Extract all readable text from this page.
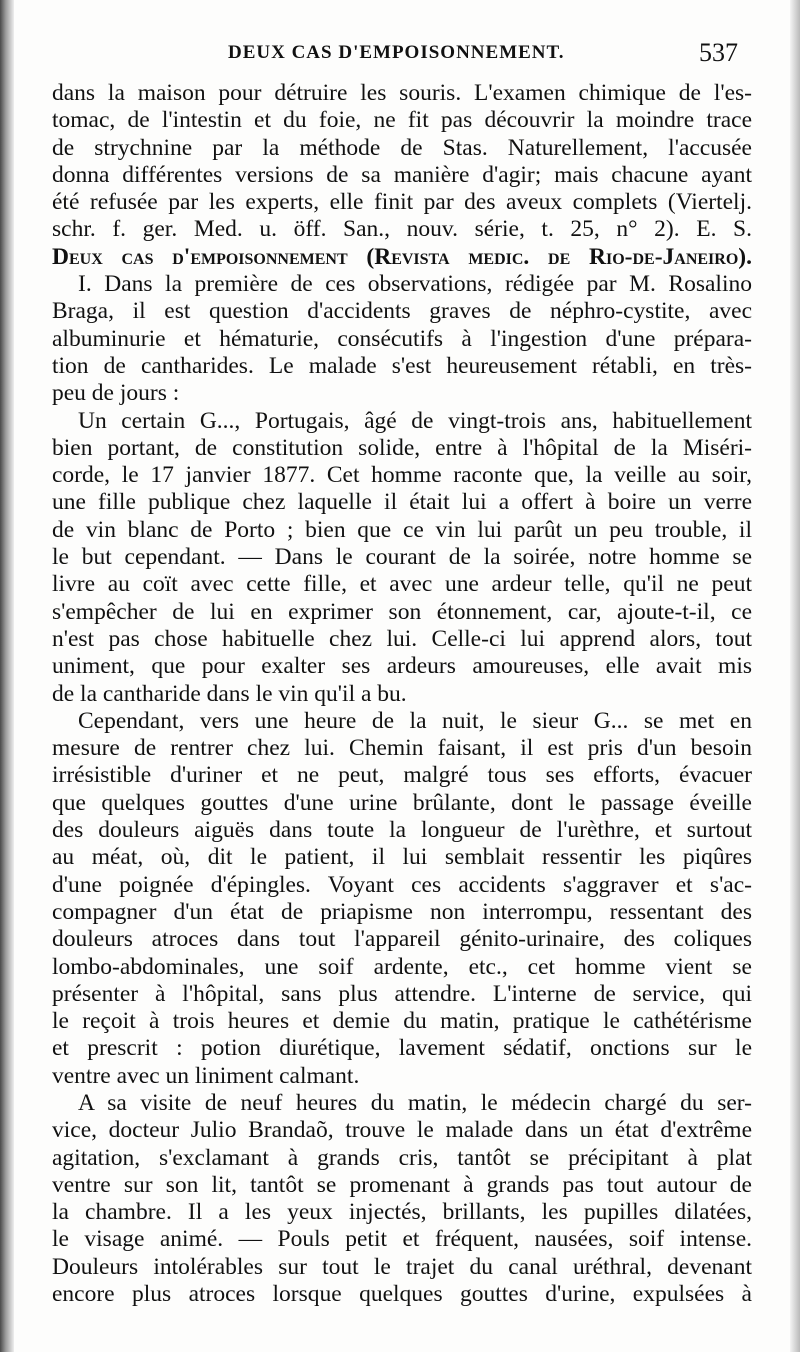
DEUX CAS D'EMPOISONNEMENT.	537
dans la maison pour détruire les souris. L'examen chimique de l'es-
tomac, de l'intestin et du foie, ne fit pas découvrir la moindre trace
de strychnine par la méthode de Stas. Naturellement, l'accusée
donna différentes versions de sa manière d'agir; mais chacune ayant
été refusée par les experts, elle finit par des aveux complets (Viertelj.
schr. f. ger. Med. u. öff. San., nouv. série, t. 25, n° 2). E. S.
Deux cas d'empoisonnement (Revista medic. de Rio-de-Janeiro).
I. Dans la première de ces observations, rédigée par M. Rosalino
Braga, il est question d'accidents graves de néphro-cystite, avec
albuminurie et hématurie, consécutifs à l'ingestion d'une prépara-
tion de cantharides. Le malade s'est heureusement rétabli, en très-
peu de jours :
Un certain G..., Portugais, âgé de vingt-trois ans, habituellement
bien portant, de constitution solide, entre à l'hôpital de la Miséri-
corde, le 17 janvier 1877. Cet homme raconte que, la veille au soir,
une fille publique chez laquelle il était lui a offert à boire un verre
de vin blanc de Porto ; bien que ce vin lui parût un peu trouble, il
le but cependant. — Dans le courant de la soirée, notre homme se
livre au coït avec cette fille, et avec une ardeur telle, qu'il ne peut
s'empêcher de lui en exprimer son étonnement, car, ajoute-t-il, ce
n'est pas chose habituelle chez lui. Celle-ci lui apprend alors, tout
uniment, que pour exalter ses ardeurs amoureuses, elle avait mis
de la cantharide dans le vin qu'il a bu.
Cependant, vers une heure de la nuit, le sieur G... se met en
mesure de rentrer chez lui. Chemin faisant, il est pris d'un besoin
irrésistible d'uriner et ne peut, malgré tous ses efforts, évacuer
que quelques gouttes d'une urine brûlante, dont le passage éveille
des douleurs aiguës dans toute la longueur de l'urèthre, et surtout
au méat, où, dit le patient, il lui semblait ressentir les piqûres
d'une poignée d'épingles. Voyant ces accidents s'aggraver et s'ac-
compagner d'un état de priapisme non interrompu, ressentant des
douleurs atroces dans tout l'appareil génito-urinaire, des coliques
lombo-abdominales, une soif ardente, etc., cet homme vient se
présenter à l'hôpital, sans plus attendre. L'interne de service, qui
le reçoit à trois heures et demie du matin, pratique le cathétérisme
et prescrit : potion diurétique, lavement sédatif, onctions sur le
ventre avec un liniment calmant.
A sa visite de neuf heures du matin, le médecin chargé du ser-
vice, docteur Julio Brandaõ, trouve le malade dans un état d'extrême
agitation, s'exclamant à grands cris, tantôt se précipitant à plat
ventre sur son lit, tantôt se promenant à grands pas tout autour de
la chambre. Il a les yeux injectés, brillants, les pupilles dilatées,
le visage animé. — Pouls petit et fréquent, nausées, soif intense.
Douleurs intolérables sur tout le trajet du canal uréthral, devenant
encore plus atroces lorsque quelques gouttes d'urine, expulsées à
